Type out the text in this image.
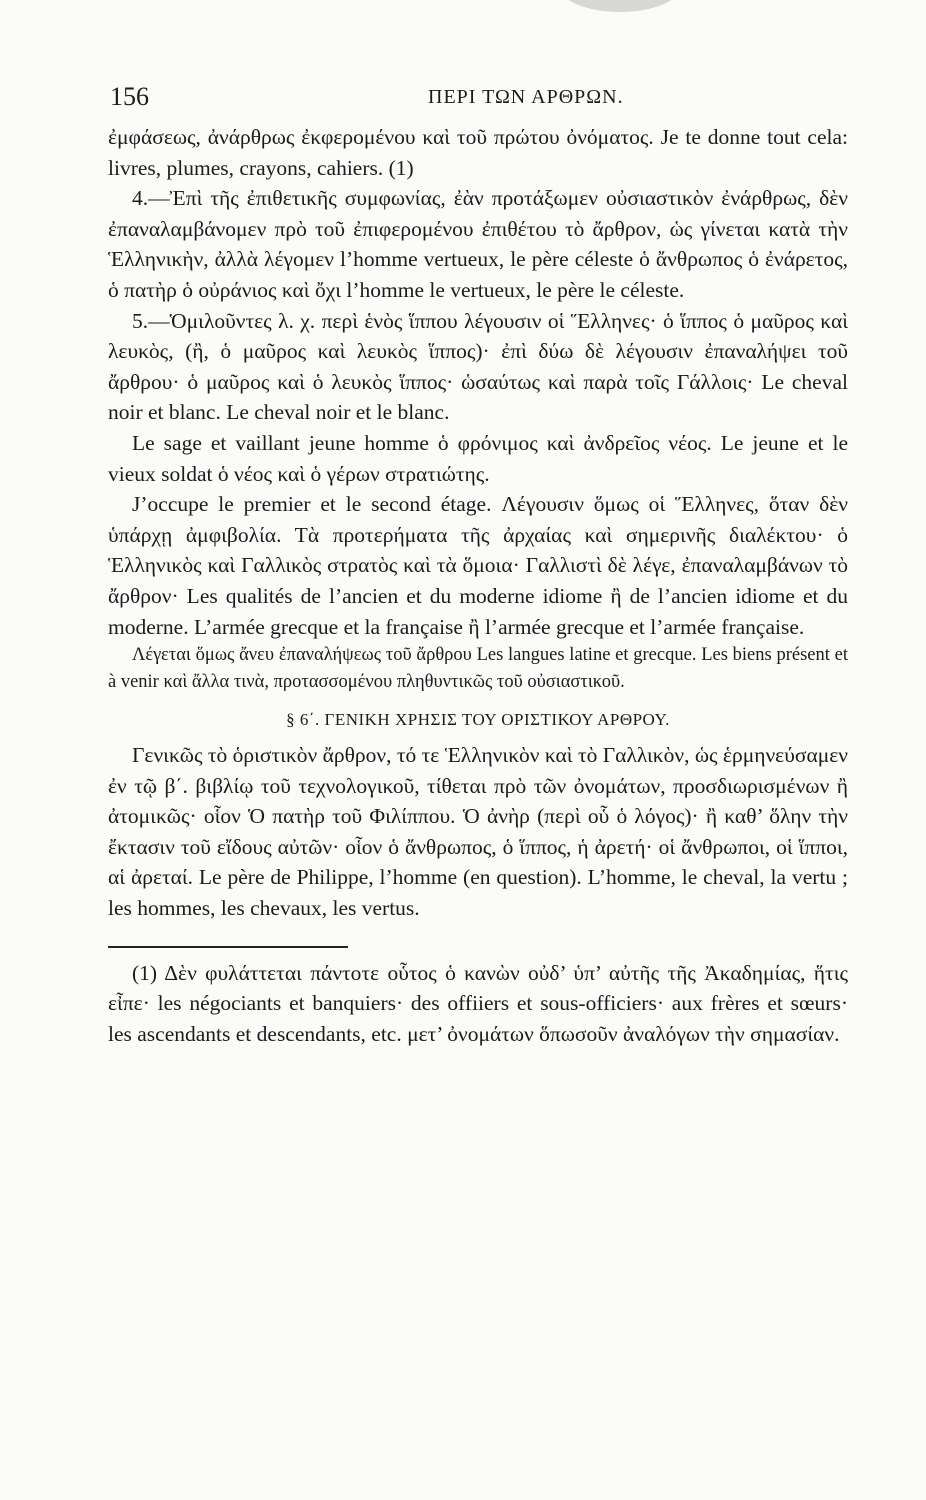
156	ΠΕΡΙ ΤΩΝ ΑΡΘΡΩΝ.

ἐμφάσεως, ἀνάρθρως ἐκφερομένου καὶ τοῦ πρώτου ὀνόματος. Je te donne tout cela: livres, plumes, crayons, cahiers. (1)

4.—Ἐπὶ τῆς ἐπιθετικῆς συμφωνίας, ἐὰν προτάξωμεν οὐσιαστικὸν ἐνάρθρως, δὲν ἐπαναλαμβάνομεν πρὸ τοῦ ἐπιφερομένου ἐπιθέτου τὸ ἄρθρον, ὡς γίνεται κατὰ τὴν Ἑλληνικὴν, ἀλλὰ λέγομεν l’homme vertueux, le père céleste ὁ ἄνθρωπος ὁ ἐνάρετος, ὁ πατὴρ ὁ οὐράνιος καὶ ὄχι l’homme le vertueux, le père le céleste.

5.—Ὁμιλοῦντες λ. χ. περὶ ἑνὸς ἵππου λέγουσιν οἱ Ἕλληνες· ὁ ἵππος ὁ μαῦρος καὶ λευκὸς, (ἢ, ὁ μαῦρος καὶ λευκὸς ἵππος)· ἐπὶ δύω δὲ λέγουσιν ἐπαναλήψει τοῦ ἄρθρου· ὁ μαῦρος καὶ ὁ λευκὸς ἵππος· ὡσαύτως καὶ παρὰ τοῖς Γάλλοις· Le cheval noir et blanc. Le cheval noir et le blanc.

Le sage et vaillant jeune homme ὁ φρόνιμος καὶ ἀνδρεῖος νέος. Le jeune et le vieux soldat ὁ νέος καὶ ὁ γέρων στρατιώτης.

J’occupe le premier et le second étage. Λέγουσιν ὅμως οἱ Ἕλληνες, ὅταν δὲν ὑπάρχῃ ἀμφιβολία. Τὰ προτερήματα τῆς ἀρχαίας καὶ σημερινῆς διαλέκτου· ὁ Ἑλληνικὸς καὶ Γαλλικὸς στρατὸς καὶ τὰ ὅμοια· Γαλλιστὶ δὲ λέγε, ἐπαναλαμβάνων τὸ ἄρθρον· Les qualités de l’ancien et du moderne idiome ἢ de l’ancien idiome et du moderne. L’armée grecque et la française ἢ l’armée grecque et l’armée française.

Λέγεται ὅμως ἄνευ ἐπαναλήψεως τοῦ ἄρθρου Les langues latine et grecque. Les biens présent et à venir καὶ ἄλλα τινὰ, προτασσομένου πληθυντικῶς τοῦ οὐσιαστικοῦ.

§ 6΄. ΓΕΝΙΚΗ ΧΡΗΣΙΣ ΤΟΥ ΟΡΙΣΤΙΚΟΥ ΑΡΘΡΟΥ.

Γενικῶς τὸ ὁριστικὸν ἄρθρον, τό τε Ἑλληνικὸν καὶ τὸ Γαλλικὸν, ὡς ἑρμηνεύσαμεν ἐν τῷ β΄. βιβλίῳ τοῦ τεχνολογικοῦ, τίθεται πρὸ τῶν ὀνομάτων, προσδιωρισμένων ἢ ἀτομικῶς· οἷον Ὁ πατὴρ τοῦ Φιλίππου. Ὁ ἀνὴρ (περὶ οὗ ὁ λόγος)· ἢ καθ’ ὅλην τὴν ἔκτασιν τοῦ εἴδους αὐτῶν· οἷον ὁ ἄνθρωπος, ὁ ἵππος, ἡ ἀρετή· οἱ ἄνθρωποι, οἱ ἵπποι, αἱ ἀρεταί. Le père de Philippe, l’homme (en question). L’homme, le cheval, la vertu ; les hommes, les chevaux, les vertus.

(1) Δὲν φυλάττεται πάντοτε οὗτος ὁ κανὼν οὐδ’ ὑπ’ αὐτῆς τῆς Ἀκαδημίας, ἥτις εἶπε· les négociants et banquiers· des offiiers et sous-officiers· aux frères et sœurs· les ascendants et descendants, etc. μετ’ ὀνομάτων ὅπωσοῦν ἀναλόγων τὴν σημασίαν.
